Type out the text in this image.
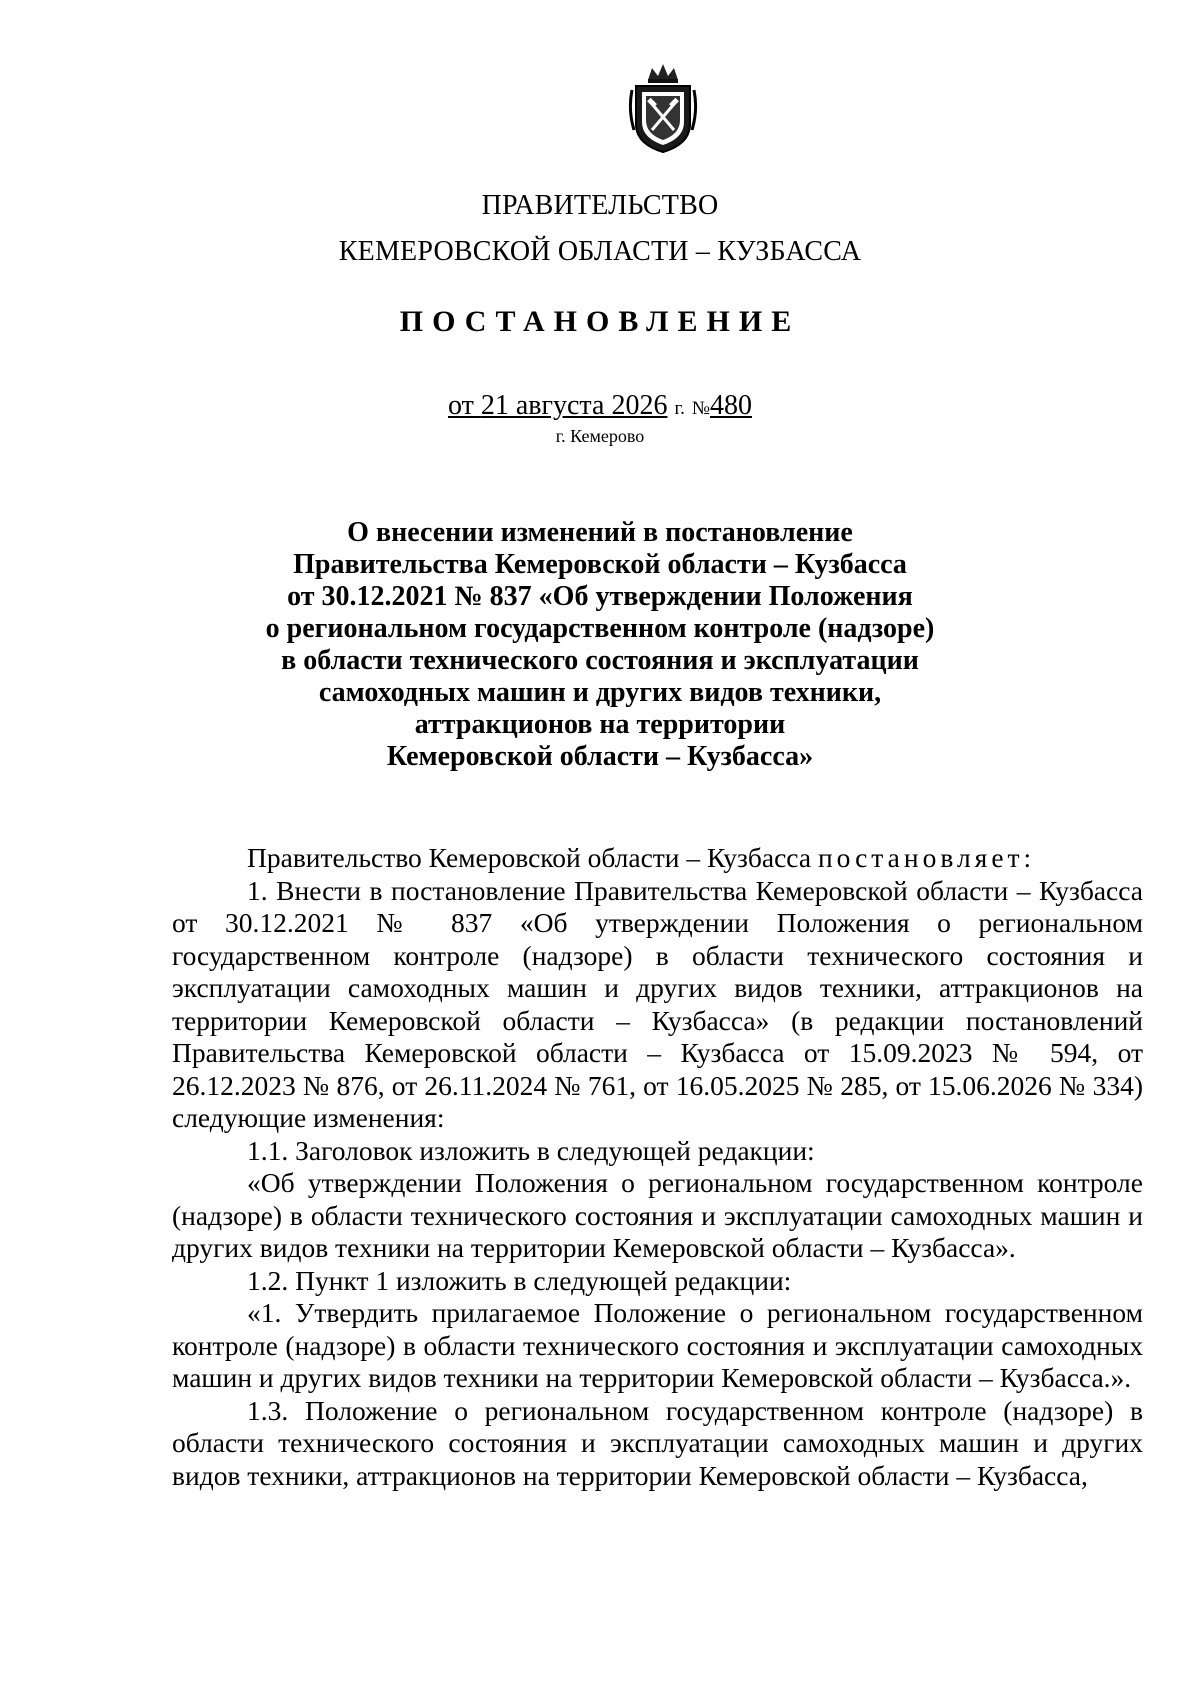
ПРАВИТЕЛЬСТВО
КЕМЕРОВСКОЙ ОБЛАСТИ – КУЗБАССА
ПОСТАНОВЛЕНИЕ
от 21 августа 2026 г. №480
г. Кемерово
О внесении изменений в постановление
Правительства Кемеровской области – Кузбасса
от 30.12.2021 № 837 «Об утверждении Положения
о региональном государственном контроле (надзоре)
в области технического состояния и эксплуатации
самоходных машин и других видов техники,
аттракционов на территории
Кемеровской области – Кузбасса»

Правительство Кемеровской области – Кузбасса постановляет:

1. Внести в постановление Правительства Кемеровской области – Кузбасса от 30.12.2021 № 837 «Об утверждении Положения о региональном государственном контроле (надзоре) в области технического состояния и эксплуатации самоходных машин и других видов техники, аттракционов на территории Кемеровской области – Кузбасса» (в редакции постановлений Правительства Кемеровской области – Кузбасса от 15.09.2023 № 594, от 26.12.2023 № 876, от 26.11.2024 № 761, от 16.05.2025 № 285, от 15.06.2026 № 334) следующие изменения:

1.1. Заголовок изложить в следующей редакции:

«Об утверждении Положения о региональном государственном контроле (надзоре) в области технического состояния и эксплуатации самоходных машин и других видов техники на территории Кемеровской области – Кузбасса».

1.2. Пункт 1 изложить в следующей редакции:

«1. Утвердить прилагаемое Положение о региональном государственном контроле (надзоре) в области технического состояния и эксплуатации самоходных машин и других видов техники на территории Кемеровской области – Кузбасса.».

1.3. Положение о региональном государственном контроле (надзоре) в области технического состояния и эксплуатации самоходных машин и других видов техники, аттракционов на территории Кемеровской области – Кузбасса,
